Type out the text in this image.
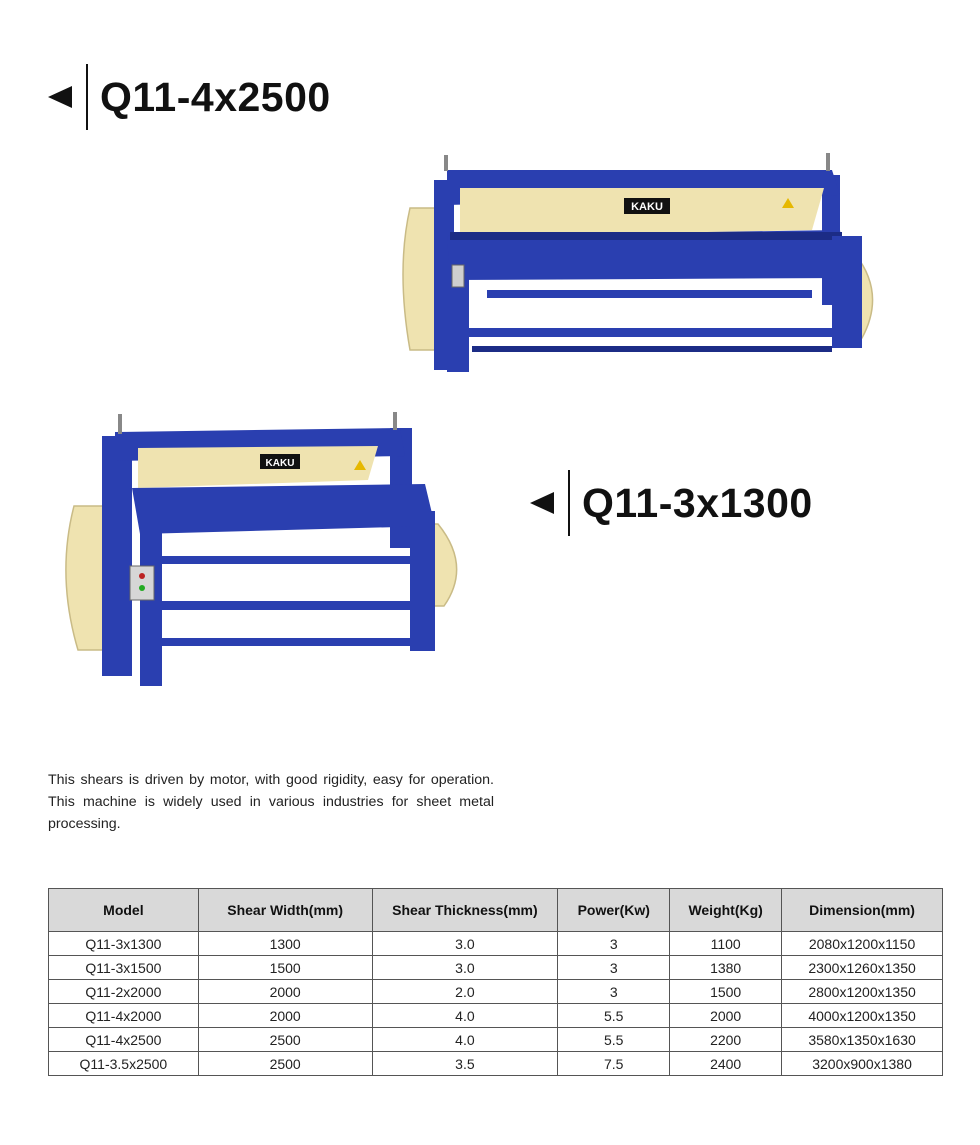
Q11-4x2500
KAKU
KAKU
Q11-3x1300

This shears is driven by motor, with good rigidity, easy for operation. This machine is widely used in various industries for sheet metal processing.

Model	Shear Width(mm)	Shear Thickness(mm)	Power(Kw)	Weight(Kg)	Dimension(mm)
Q11-3x1300	1300	3.0	3	1100	2080x1200x1150
Q11-3x1500	1500	3.0	3	1380	2300x1260x1350
Q11-2x2000	2000	2.0	3	1500	2800x1200x1350
Q11-4x2000	2000	4.0	5.5	2000	4000x1200x1350
Q11-4x2500	2500	4.0	5.5	2200	3580x1350x1630
Q11-3.5x2500	2500	3.5	7.5	2400	3200x900x1380
